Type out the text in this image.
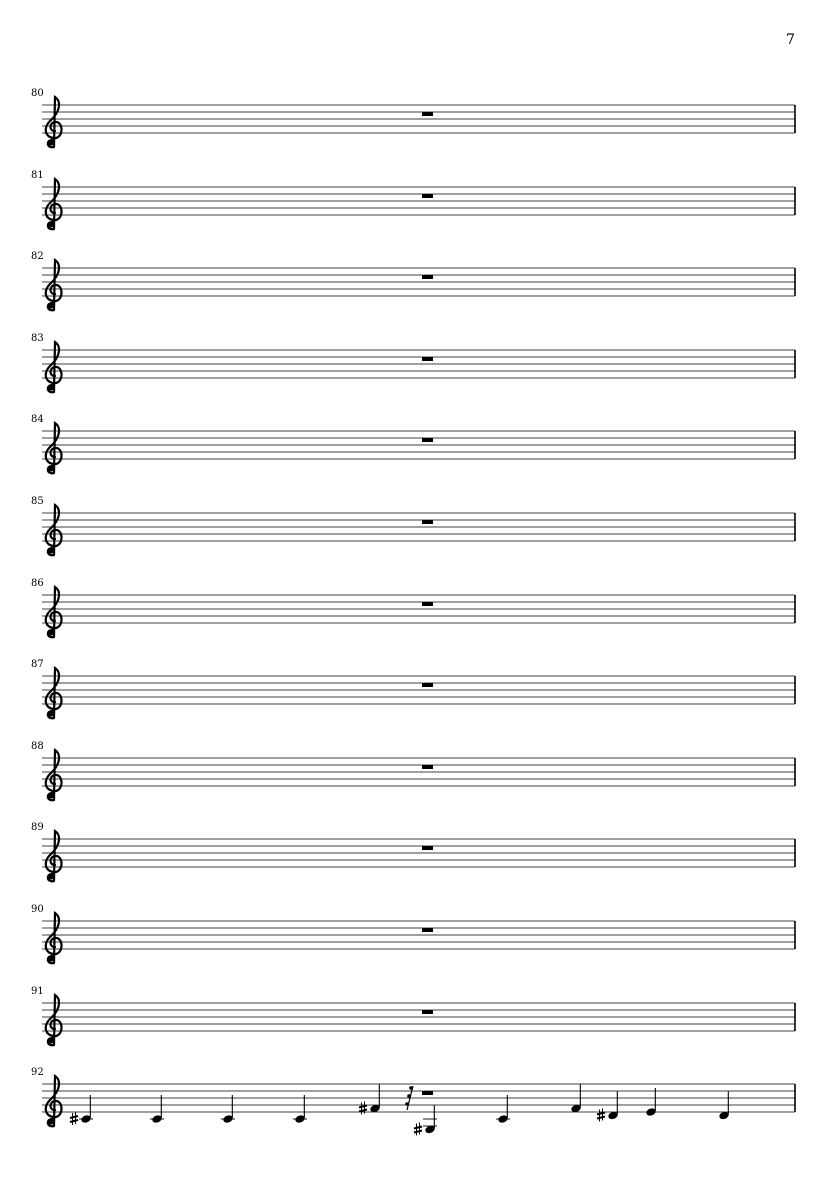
7
80
81
82
83
84
85
86
87
88
89
90
91
92
